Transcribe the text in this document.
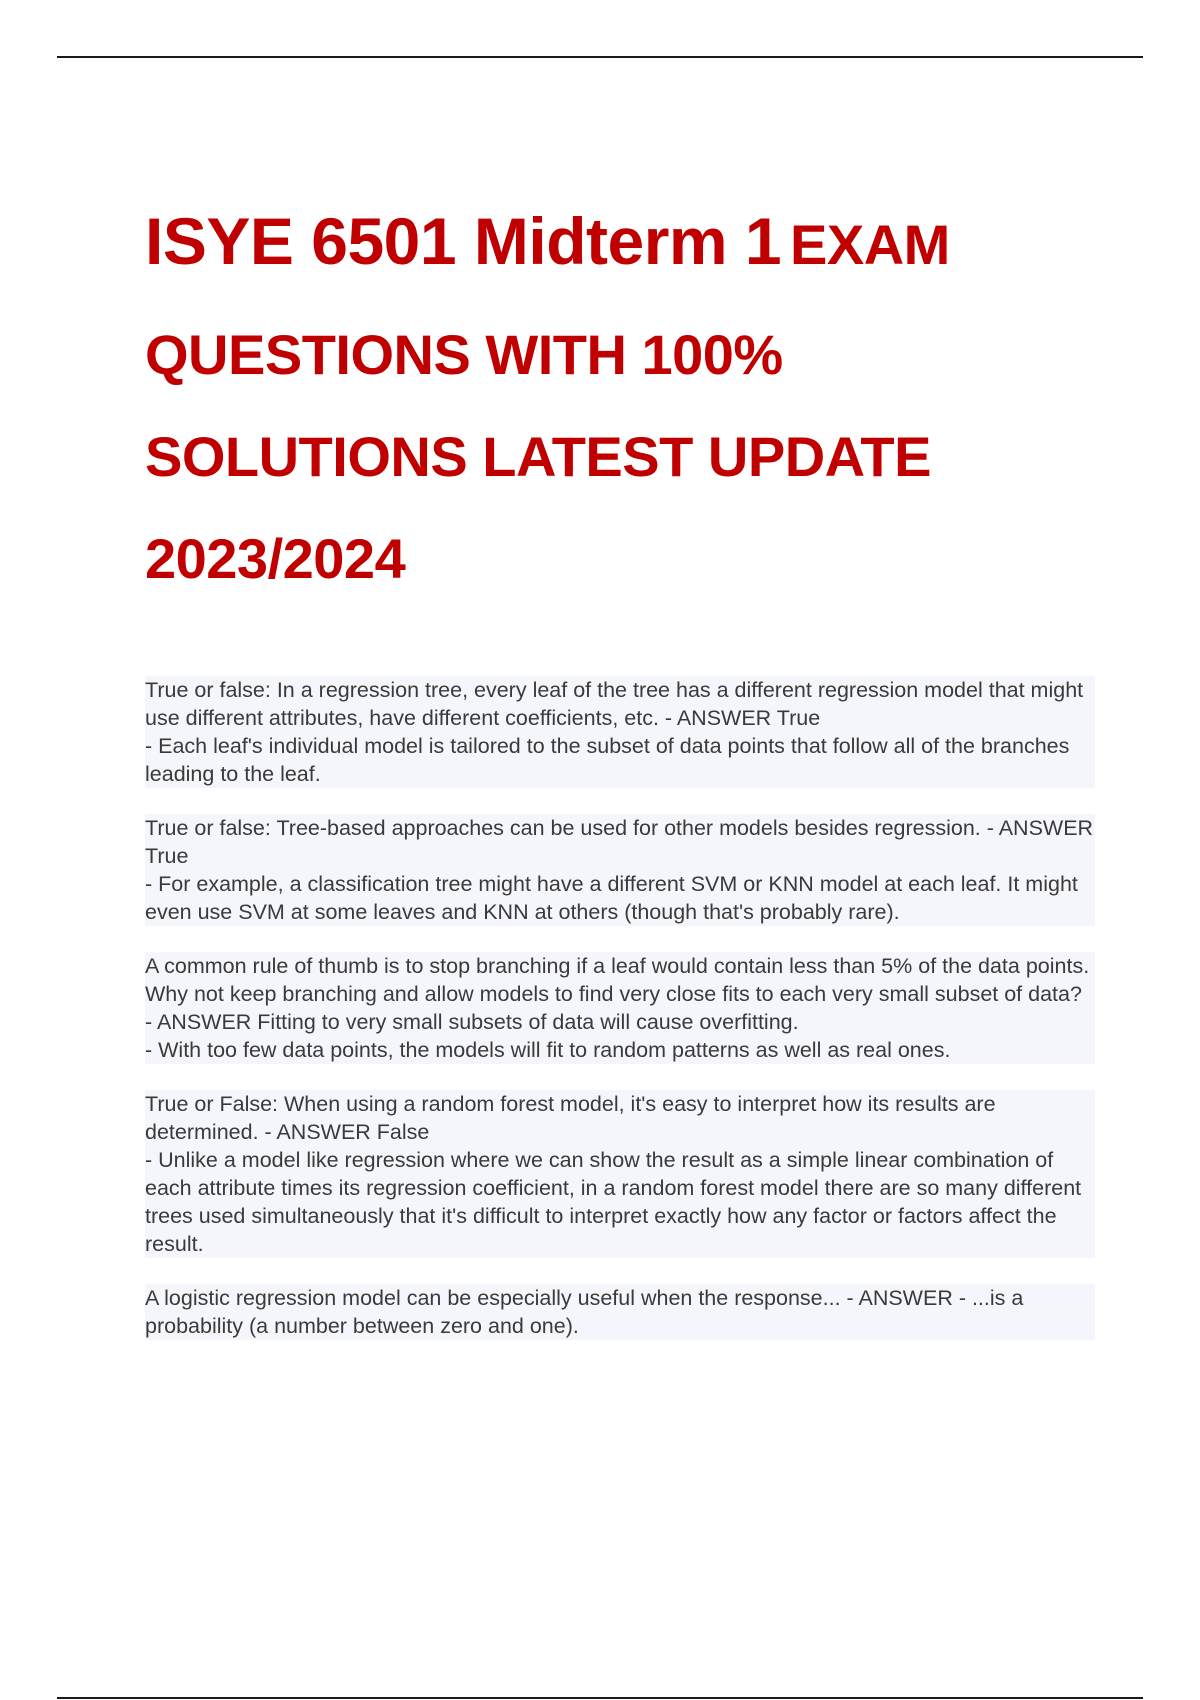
ISYE 6501 Midterm 1 EXAM
QUESTIONS WITH 100%
SOLUTIONS LATEST UPDATE
2023/2024

True or false: In a regression tree, every leaf of the tree has a different regression model that might use different attributes, have different coefficients, etc. - ANSWER True

- Each leaf's individual model is tailored to the subset of data points that follow all of the branches leading to the leaf.

True or false: Tree-based approaches can be used for other models besides regression. - ANSWER True

- For example, a classification tree might have a different SVM or KNN model at each leaf. It might even use SVM at some leaves and KNN at others (though that's probably rare).

A common rule of thumb is to stop branching if a leaf would contain less than 5% of the data points. Why not keep branching and allow models to find very close fits to each very small subset of data? - ANSWER Fitting to very small subsets of data will cause overfitting.

- With too few data points, the models will fit to random patterns as well as real ones.

True or False: When using a random forest model, it's easy to interpret how its results are determined. - ANSWER False

- Unlike a model like regression where we can show the result as a simple linear combination of each attribute times its regression coefficient, in a random forest model there are so many different trees used simultaneously that it's difficult to interpret exactly how any factor or factors affect the result.

A logistic regression model can be especially useful when the response... - ANSWER - ...is a probability (a number between zero and one).
